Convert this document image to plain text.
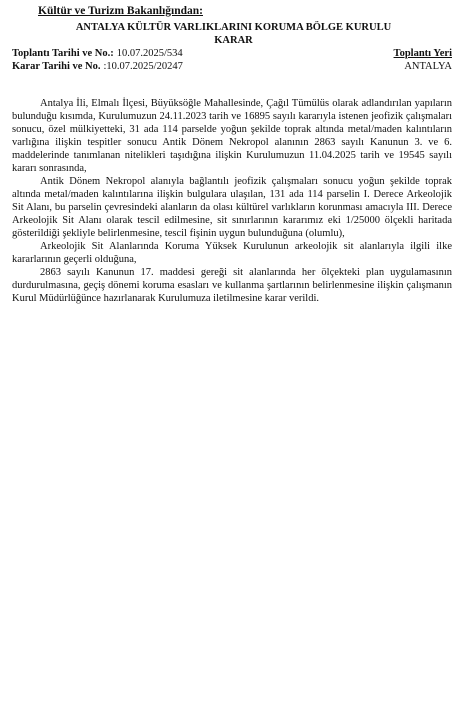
Kültür ve Turizm Bakanlığından:
ANTALYA KÜLTÜR VARLIKLARINI KORUMA BÖLGE KURULU
KARAR
Toplantı Tarihi ve No.: 10.07.2025/534	Toplantı Yeri
Karar Tarihi ve No. :10.07.2025/20247	ANTALYA

Antalya İli, Elmalı İlçesi, Büyüksöğle Mahallesinde, Çağıl Tümülüs olarak adlandırılan yapıların bulunduğu kısımda, Kurulumuzun 24.11.2023 tarih ve 16895 sayılı kararıyla istenen jeofizik çalışmaları sonucu, özel mülkiyetteki, 31 ada 114 parselde yoğun şekilde toprak altında metal/maden kalıntıların varlığına ilişkin tespitler sonucu Antik Dönem Nekropol alanının 2863 sayılı Kanunun 3. ve 6. maddelerinde tanımlanan nitelikleri taşıdığına ilişkin Kurulumuzun 11.04.2025 tarih ve 19545 sayılı kararı sonrasında,

Antik Dönem Nekropol alanıyla bağlantılı jeofizik çalışmaları sonucu yoğun şekilde toprak altında metal/maden kalıntılarına ilişkin bulgulara ulaşılan, 131 ada 114 parselin I. Derece Arkeolojik Sit Alanı, bu parselin çevresindeki alanların da olası kültürel varlıkların korunması amacıyla III. Derece Arkeolojik Sit Alanı olarak tescil edilmesine, sit sınırlarının kararımız eki 1/25000 ölçekli haritada gösterildiği şekliyle belirlenmesine, tescil fişinin uygun bulunduğuna (olumlu),

Arkeolojik Sit Alanlarında Koruma Yüksek Kurulunun arkeolojik sit alanlarıyla ilgili ilke kararlarının geçerli olduğuna,

2863 sayılı Kanunun 17. maddesi gereği sit alanlarında her ölçekteki plan uygulamasının durdurulmasına, geçiş dönemi koruma esasları ve kullanma şartlarının belirlenmesine ilişkin çalışmanın Kurul Müdürlüğünce hazırlanarak Kurulumuza iletilmesine karar verildi.
